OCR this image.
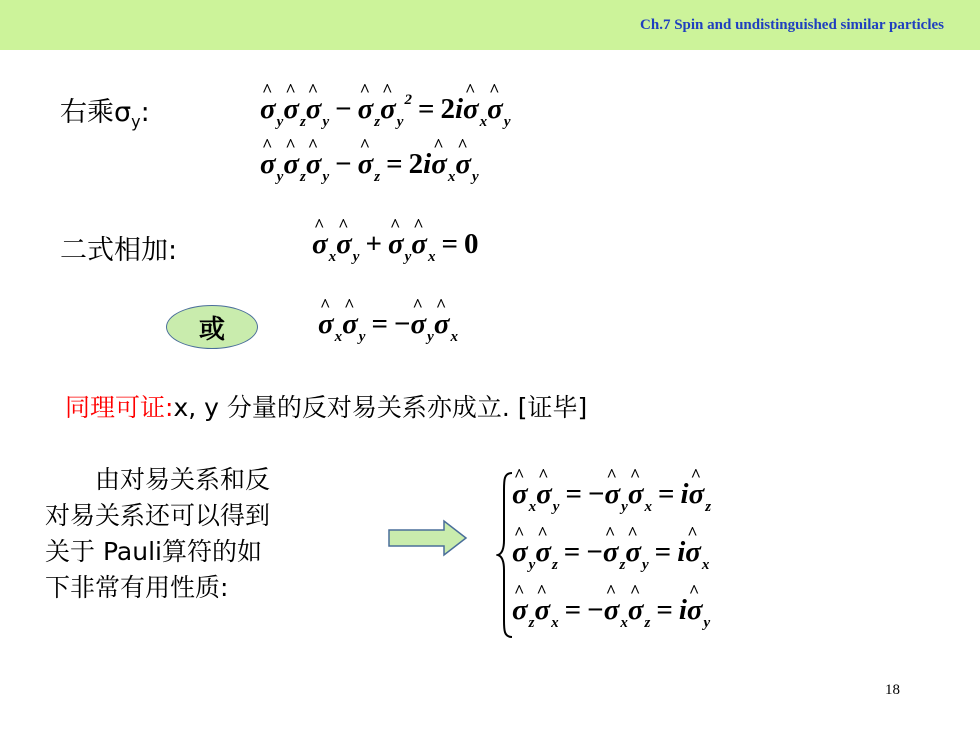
Ch.7 Spin and undistinguished similar particles
右乘$\sigma_y$:	^ $\sigma_y\^{}$ $\sigma_z\^{}$ $\sigma_y$ − ^ $\sigma_z\^{}$ $\sigma_y^2$ = 2i^ $\sigma_x\^{}$ $\sigma_y$
^ $\sigma_y\^{}$ $\sigma_z\^{}$ $\sigma_y$ − ^ $\sigma_z$ = 2i^ $\sigma_x\^{}$ $\sigma_y$
二式相加:	^ $\sigma_x\^{}$ $\sigma_y$ + ^ $\sigma_y\^{}$ $\sigma_x = 0$
或	^ $\sigma_x\^{}$ $\sigma_y$ = −^ $\sigma_y\^{}$ $\sigma_x$
同理可证:x, y 分量的反对易关系亦成立. [证毕]
由对易关系和反
对易关系还可以得到
关于 Pauli算符的如
下非常有用性质:
^ $\sigma_x\^{}$ $\sigma_y$ = −^ $\sigma_y\^{}$ $\sigma_x$ = i^ $\sigma_z$
^ $\sigma_y\^{}$ $\sigma_z$ = −^ $\sigma_z\^{}$ $\sigma_y$ = i^ $\sigma_x$
^ $\sigma_z\^{}$ $\sigma_x$ = −^ $\sigma_x\^{}$ $\sigma_z$ = i^ $\sigma_y$
18
